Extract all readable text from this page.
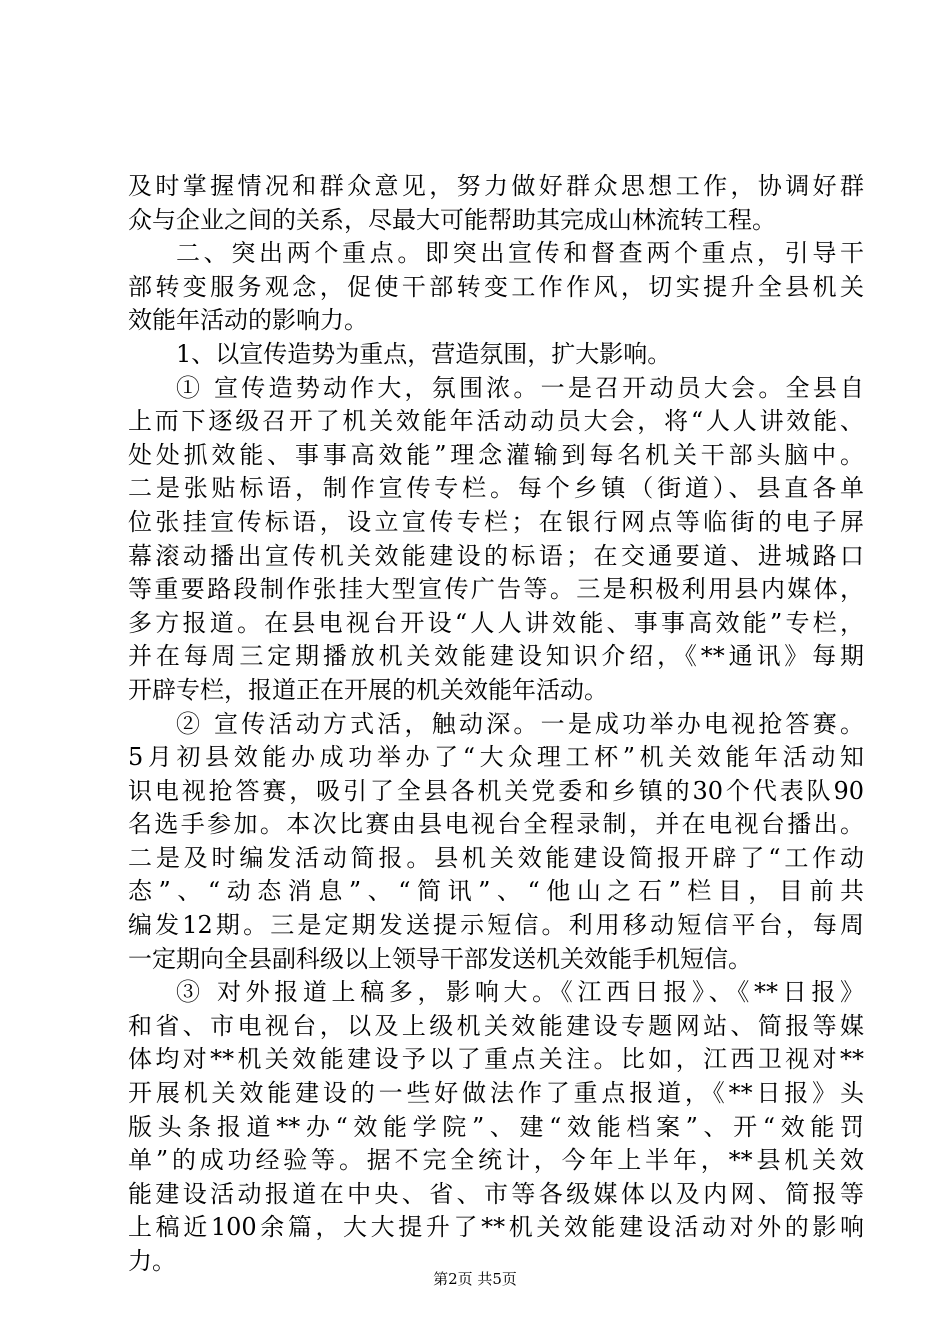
及时掌握情况和群众意见，努力做好群众思想工作，协调好群
众与企业之间的关系，尽最大可能帮助其完成山林流转工程。
二、突出两个重点。即突出宣传和督查两个重点，引导干
部转变服务观念，促使干部转变工作作风，切实提升全县机关
效能年活动的影响力。
1、以宣传造势为重点，营造氛围，扩大影响。
① 宣传造势动作大，氛围浓。一是召开动员大会。全县自
上而下逐级召开了机关效能年活动动员大会，将“人人讲效能、
处处抓效能、事事高效能”理念灌输到每名机关干部头脑中。
二是张贴标语，制作宣传专栏。每个乡镇（街道）、县直各单
位张挂宣传标语，设立宣传专栏；在银行网点等临街的电子屏
幕滚动播出宣传机关效能建设的标语；在交通要道、进城路口
等重要路段制作张挂大型宣传广告等。三是积极利用县内媒体，
多方报道。在县电视台开设“人人讲效能、事事高效能”专栏，
并在每周三定期播放机关效能建设知识介绍，《**通讯》每期
开辟专栏，报道正在开展的机关效能年活动。
② 宣传活动方式活，触动深。一是成功举办电视抢答赛。
5月初县效能办成功举办了“大众理工杯”机关效能年活动知
识电视抢答赛，吸引了全县各机关党委和乡镇的30个代表队90
名选手参加。本次比赛由县电视台全程录制，并在电视台播出。
二是及时编发活动简报。县机关效能建设简报开辟了“工作动
态”、“动态消息”、“简讯”、“他山之石”栏目，目前共
编发12期。三是定期发送提示短信。利用移动短信平台，每周
一定期向全县副科级以上领导干部发送机关效能手机短信。
③ 对外报道上稿多，影响大。《江西日报》、《**日报》
和省、市电视台，以及上级机关效能建设专题网站、简报等媒
体均对**机关效能建设予以了重点关注。比如，江西卫视对**
开展机关效能建设的一些好做法作了重点报道，《**日报》头
版头条报道**办“效能学院”、建“效能档案”、开“效能罚
单”的成功经验等。据不完全统计，今年上半年，**县机关效
能建设活动报道在中央、省、市等各级媒体以及内网、简报等
上稿近100余篇，大大提升了**机关效能建设活动对外的影响
力。
第2页 共5页
